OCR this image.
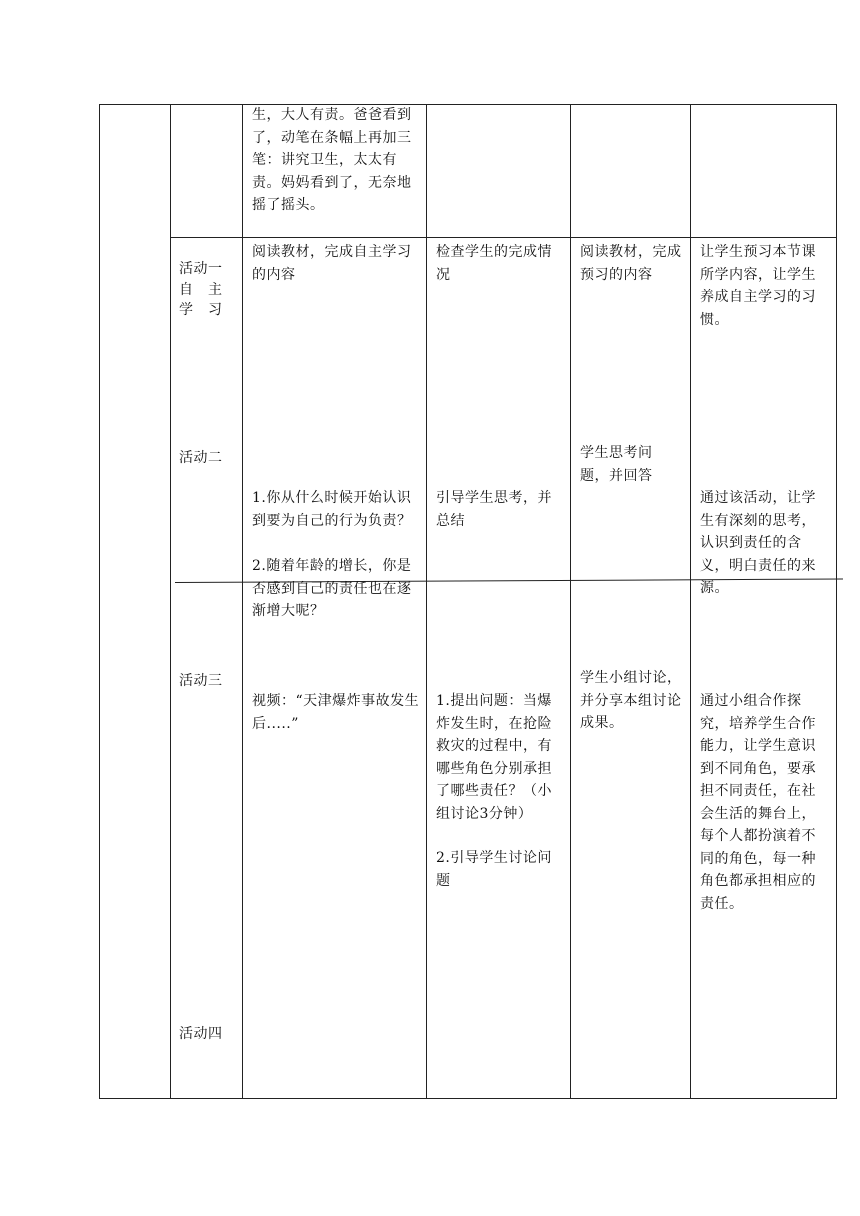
生，大人有责。爸爸看到了，动笔在条幅上再加三笔：讲究卫生，太太有责。妈妈看到了，无奈地摇了摇头。
活动一
自　主
学　习
阅读教材，完成自主学习的内容
检查学生的完成情况
阅读教材，完成预习的内容
让学生预习本节课所学内容，让学生养成自主学习的习惯。
活动二
1.你从什么时候开始认识到要为自己的行为负责？
2.随着年龄的增长，你是否感到自己的责任也在逐渐增大呢？
引导学生思考，并总结
学生思考问题，并回答
通过该活动，让学生有深刻的思考，认识到责任的含义，明白责任的来源。
活动三
视频：“天津爆炸事故发生后.....”
1.提出问题：当爆炸发生时，在抢险救灾的过程中，有哪些角色分别承担了哪些责任？（小组讨论3分钟）
2.引导学生讨论问题
学生小组讨论，并分享本组讨论成果。
通过小组合作探究，培养学生合作能力，让学生意识到不同角色，要承担不同责任，在社会生活的舞台上，每个人都扮演着不同的角色，每一种角色都承担相应的责任。
活动四
